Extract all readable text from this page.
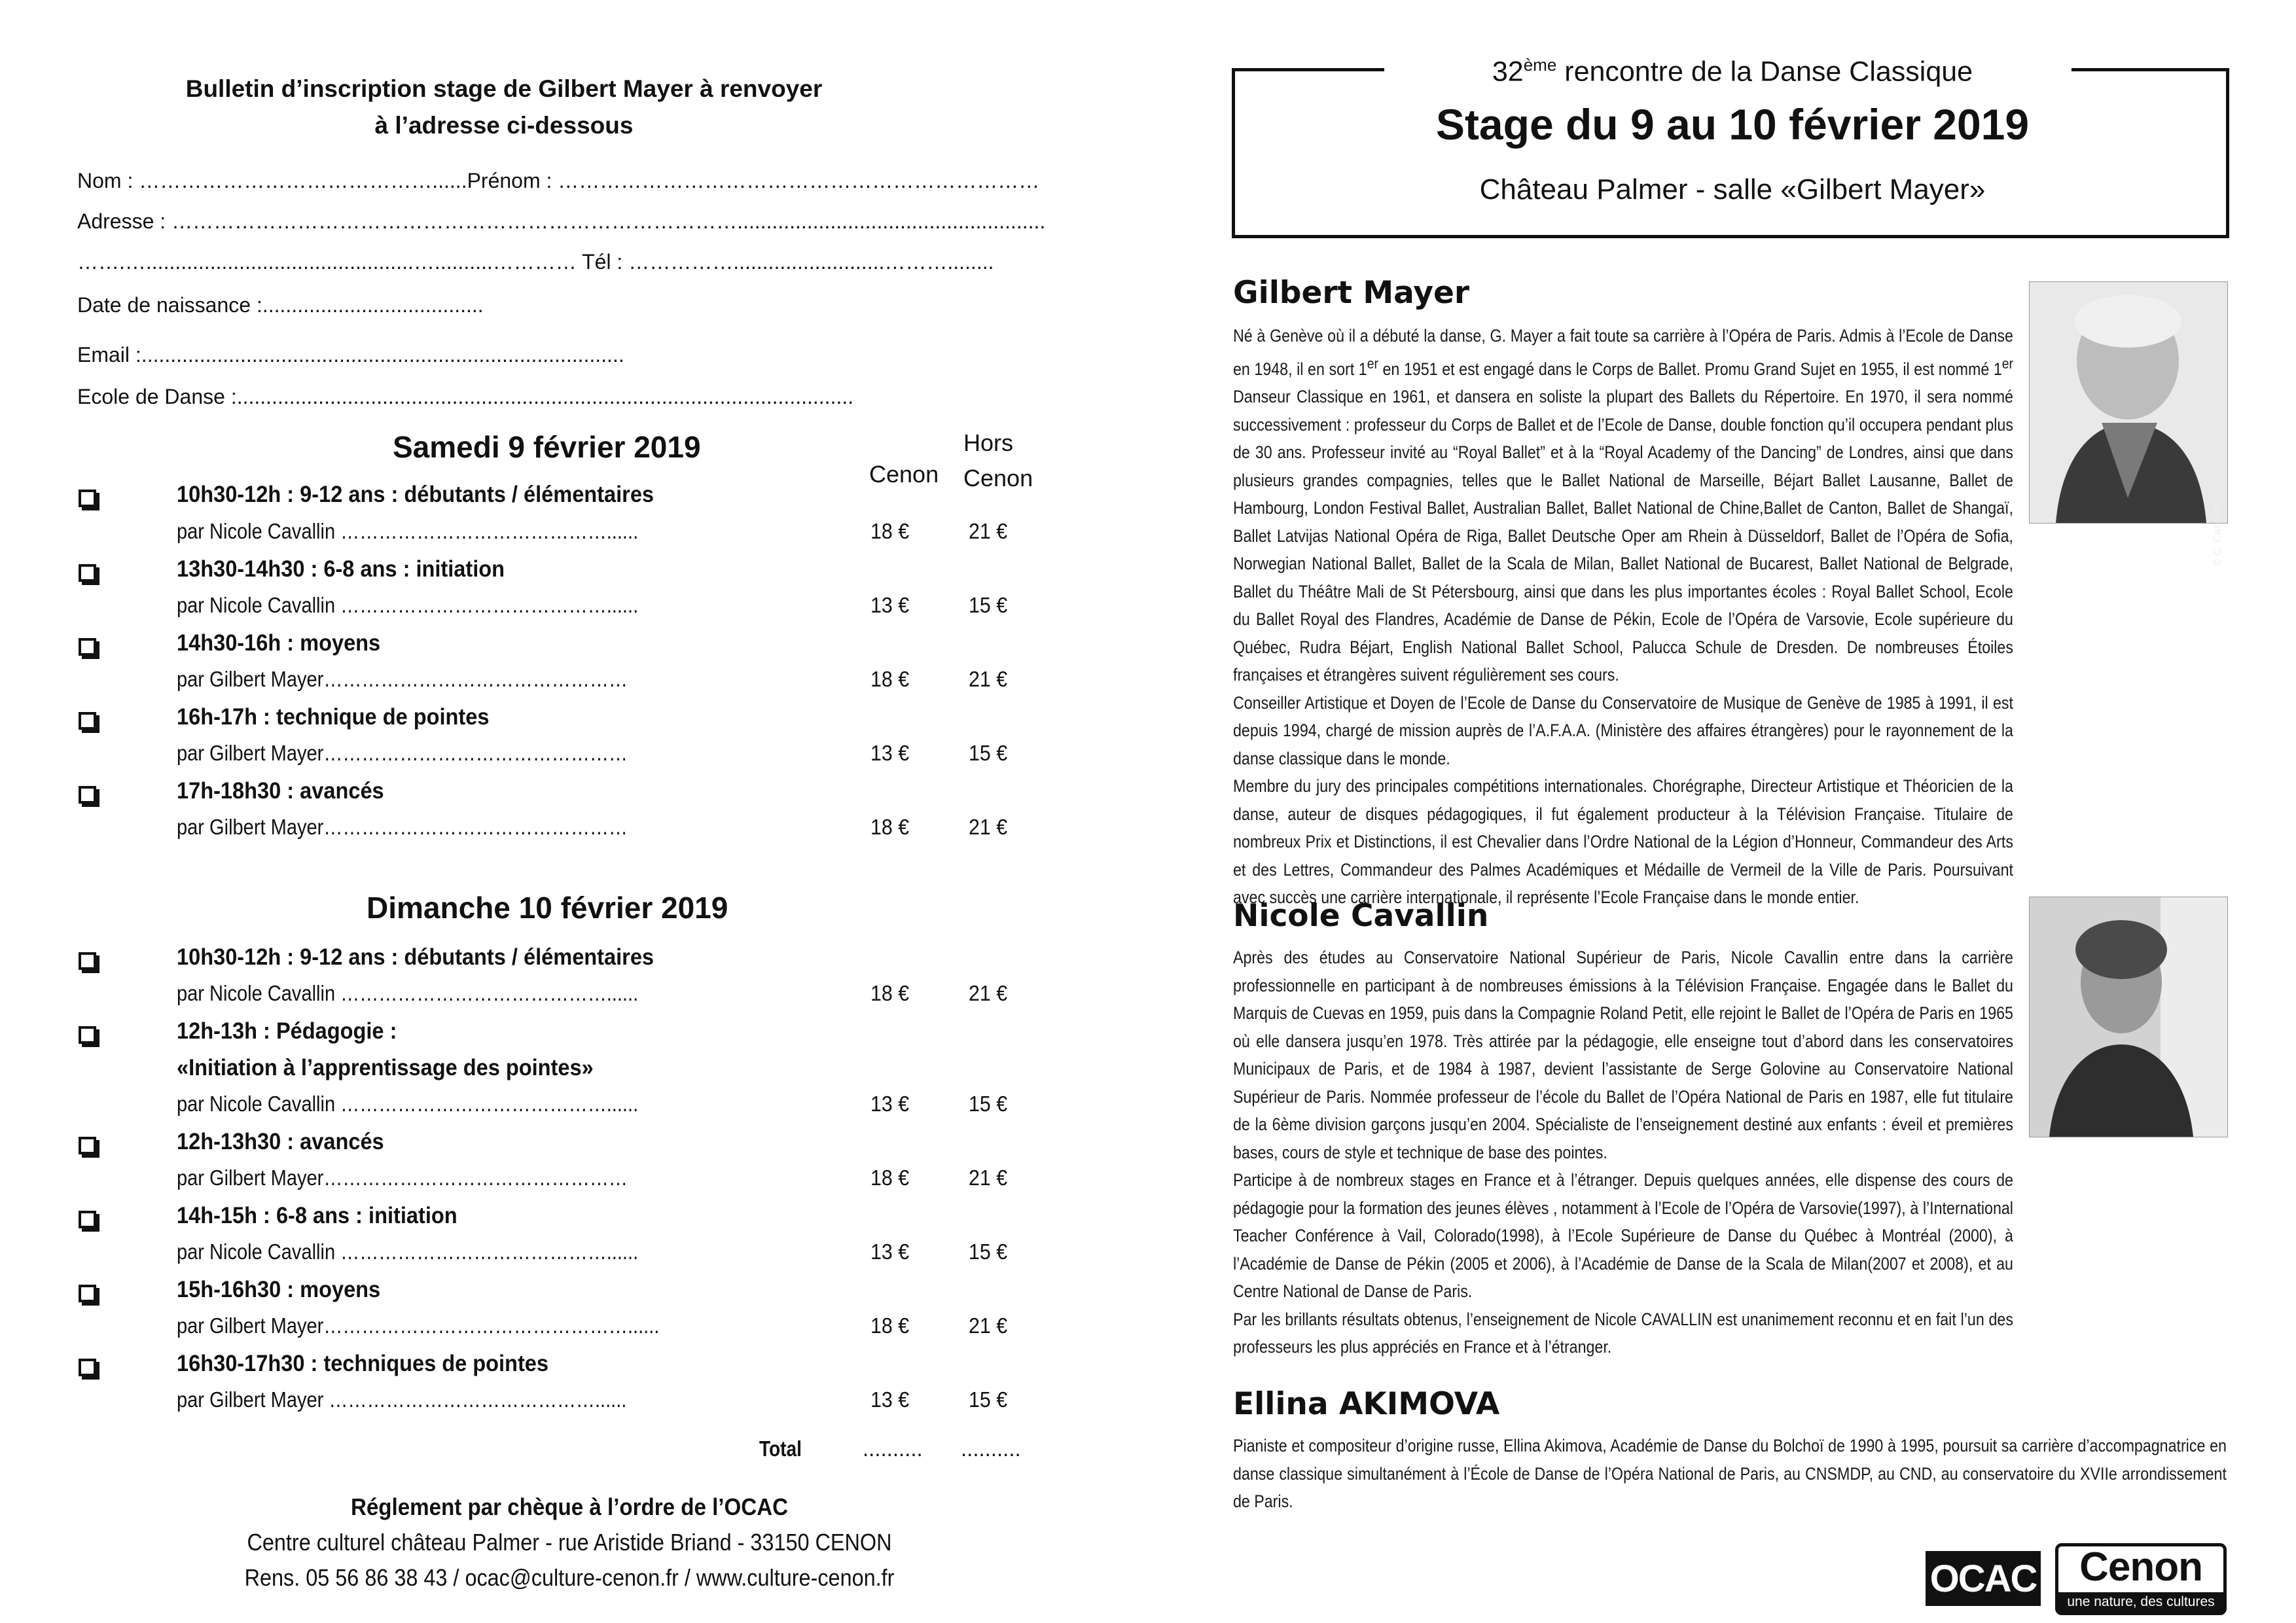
Bulletin d’inscription stage de Gilbert Mayer à renvoyer
à l’adresse ci-dessous
Nom : ……………………………………......Prénom : ……………………………………………………………
Adresse : ……………………………………………………………………….....................................................
…….…..............................................…..........………… Tél : ……………..........................………........
Date de naissance :......................................
Email :...................................................................................
Ecole de Danse :..........................................................................................................
Samedi 9 février 2019
Cenon
Hors
Cenon
10h30-12h : 9-12 ans : débutants / élémentaires
par Nicole Cavallin ……………………………………......	18 €	21 €
13h30-14h30 : 6-8 ans : initiation
par Nicole Cavallin ……………………………………......	13 €	15 €
14h30-16h : moyens
par Gilbert Mayer…………………………………………	18 €	21 €
16h-17h : technique de pointes
par Gilbert Mayer…………………………………………	13 €	15 €
17h-18h30 : avancés
par Gilbert Mayer…………………………………………	18 €	21 €
Dimanche 10 février 2019
10h30-12h : 9-12 ans : débutants / élémentaires
par Nicole Cavallin ……………………………………......	18 €	21 €
12h-13h : Pédagogie :
«Initiation à l’apprentissage des pointes»
par Nicole Cavallin ……………………………………......	13 €	15 €
12h-13h30 : avancés
par Gilbert Mayer…………………………………………	18 €	21 €
14h-15h : 6-8 ans : initiation
par Nicole Cavallin ……………………………………......	13 €	15 €
15h-16h30 : moyens
par Gilbert Mayer…………………………………………......	18 €	21 €
16h30-17h30 : techniques de pointes
par Gilbert Mayer ……………………………………......	13 €	15 €
Total	.......... ..........
Réglement par chèque à l’ordre de l’OCAC
Centre culturel château Palmer - rue Aristide Briand - 33150 CENON
Rens. 05 56 86 38 43 / ocac@culture-cenon.fr / www.culture-cenon.fr
32ème rencontre de la Danse Classique
Stage du 9 au 10 février 2019
Château Palmer - salle «Gilbert Mayer»
Gilbert Mayer
© C. Cassard

Né à Genève où il a débuté la danse, G. Mayer a fait toute sa carrière à l’Opéra de Paris. Admis à l’Ecole de Danse en 1948, il en sort 1er en 1951 et est engagé dans le Corps de Ballet. Promu Grand Sujet en 1955, il est nommé 1er Danseur Classique en 1961, et dansera en soliste la plupart des Ballets du Répertoire. En 1970, il sera nommé successivement : professeur du Corps de Ballet et de l’Ecole de Danse, double fonction qu’il occupera pendant plus de 30 ans. Professeur invité au “Royal Ballet” et à la “Royal Academy of the Dancing” de Londres, ainsi que dans plusieurs grandes compagnies, telles que le Ballet National de Marseille, Béjart Ballet Lausanne, Ballet de Hambourg, London Festival Ballet, Australian Ballet, Ballet National de Chine,Ballet de Canton, Ballet de Shangaï, Ballet Latvijas National Opéra de Riga, Ballet Deutsche Oper am Rhein à Düsseldorf, Ballet de l’Opéra de Sofia, Norwegian National Ballet, Ballet de la Scala de Milan, Ballet National de Bucarest, Ballet National de Belgrade, Ballet du Théâtre Mali de St Pétersbourg, ainsi que dans les plus importantes écoles : Royal Ballet School, Ecole du Ballet Royal des Flandres, Académie de Danse de Pékin, Ecole de l’Opéra de Varsovie, Ecole supérieure du Québec, Rudra Béjart, English National Ballet School, Palucca Schule de Dresden. De nombreuses Étoiles françaises et étrangères suivent régulièrement ses cours.

Conseiller Artistique et Doyen de l’Ecole de Danse du Conservatoire de Musique de Genève de 1985 à 1991, il est depuis 1994, chargé de mission auprès de l’A.F.A.A. (Ministère des affaires étrangères) pour le rayonnement de la danse classique dans le monde.

Membre du jury des principales compétitions internationales. Chorégraphe, Directeur Artistique et Théoricien de la danse, auteur de disques pédagogiques, il fut également producteur à la Télévision Française. Titulaire de nombreux Prix et Distinctions, il est Chevalier dans l’Ordre National de la Légion d’Honneur, Commandeur des Arts et des Lettres, Commandeur des Palmes Académiques et Médaille de Vermeil de la Ville de Paris. Poursuivant avec succès une carrière internationale, il représente l’Ecole Française dans le monde entier.

Nicole Cavallin

Après des études au Conservatoire National Supérieur de Paris, Nicole Cavallin entre dans la carrière professionnelle en participant à de nombreuses émissions à la Télévision Française. Engagée dans le Ballet du Marquis de Cuevas en 1959, puis dans la Compagnie Roland Petit, elle rejoint le Ballet de l’Opéra de Paris en 1965 où elle dansera jusqu’en 1978. Très attirée par la pédagogie, elle enseigne tout d’abord dans les conservatoires Municipaux de Paris, et de 1984 à 1987, devient l’assistante de Serge Golovine au Conservatoire National Supérieur de Paris. Nommée professeur de l’école du Ballet de l’Opéra National de Paris en 1987, elle fut titulaire de la 6ème division garçons jusqu’en 2004. Spécialiste de l’enseignement destiné aux enfants : éveil et premières bases, cours de style et technique de base des pointes.

Participe à de nombreux stages en France et à l’étranger. Depuis quelques années, elle dispense des cours de pédagogie pour la formation des jeunes élèves , notamment à l’Ecole de l’Opéra de Varsovie(1997), à l’International Teacher Conférence à Vail, Colorado(1998), à l’Ecole Supérieure de Danse du Québec à Montréal (2000), à l’Académie de Danse de Pékin (2005 et 2006), à l’Académie de Danse de la Scala de Milan(2007 et 2008), et au Centre National de Danse de Paris.

Par les brillants résultats obtenus, l’enseignement de Nicole CAVALLIN est unanimement reconnu et en fait l’un des professeurs les plus appréciés en France et à l’étranger.

Ellina AKIMOVA

Pianiste et compositeur d’origine russe, Ellina Akimova, Académie de Danse du Bolchoï de 1990 à 1995, poursuit sa carrière d’accompagnatrice en danse classique simultanément à l’École de Danse de l’Opéra National de Paris, au CNSMDP, au CND, au conservatoire du XVIIe arrondissement de Paris.

OCAC	Cenon
une nature, des cultures
